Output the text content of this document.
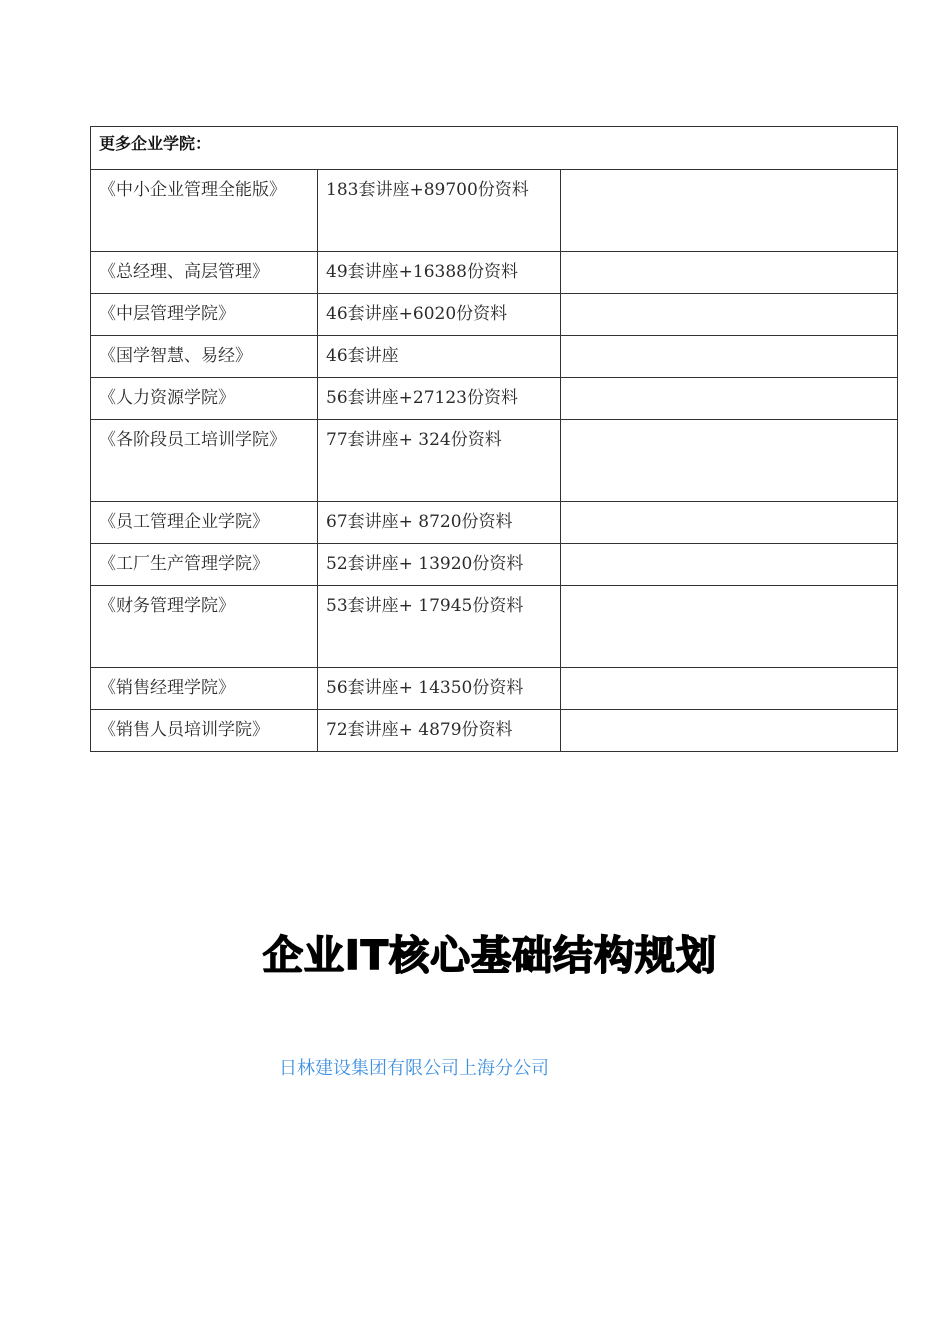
更多企业学院：		
《中小企业管理全能版》	183套讲座+89700份资料	
《总经理、高层管理》	49套讲座+16388份资料	
《中层管理学院》	46套讲座+6020份资料	
《国学智慧、易经》	46套讲座	
《人力资源学院》	56套讲座+27123份资料	
《各阶段员工培训学院》	77套讲座+ 324份资料	
《员工管理企业学院》	67套讲座+ 8720份资料	
《工厂生产管理学院》	52套讲座+ 13920份资料	
《财务管理学院》	53套讲座+ 17945份资料	
《销售经理学院》	56套讲座+ 14350份资料	
《销售人员培训学院》	72套讲座+ 4879份资料	
企业IT核心基础结构规划
日林建设集团有限公司上海分公司
